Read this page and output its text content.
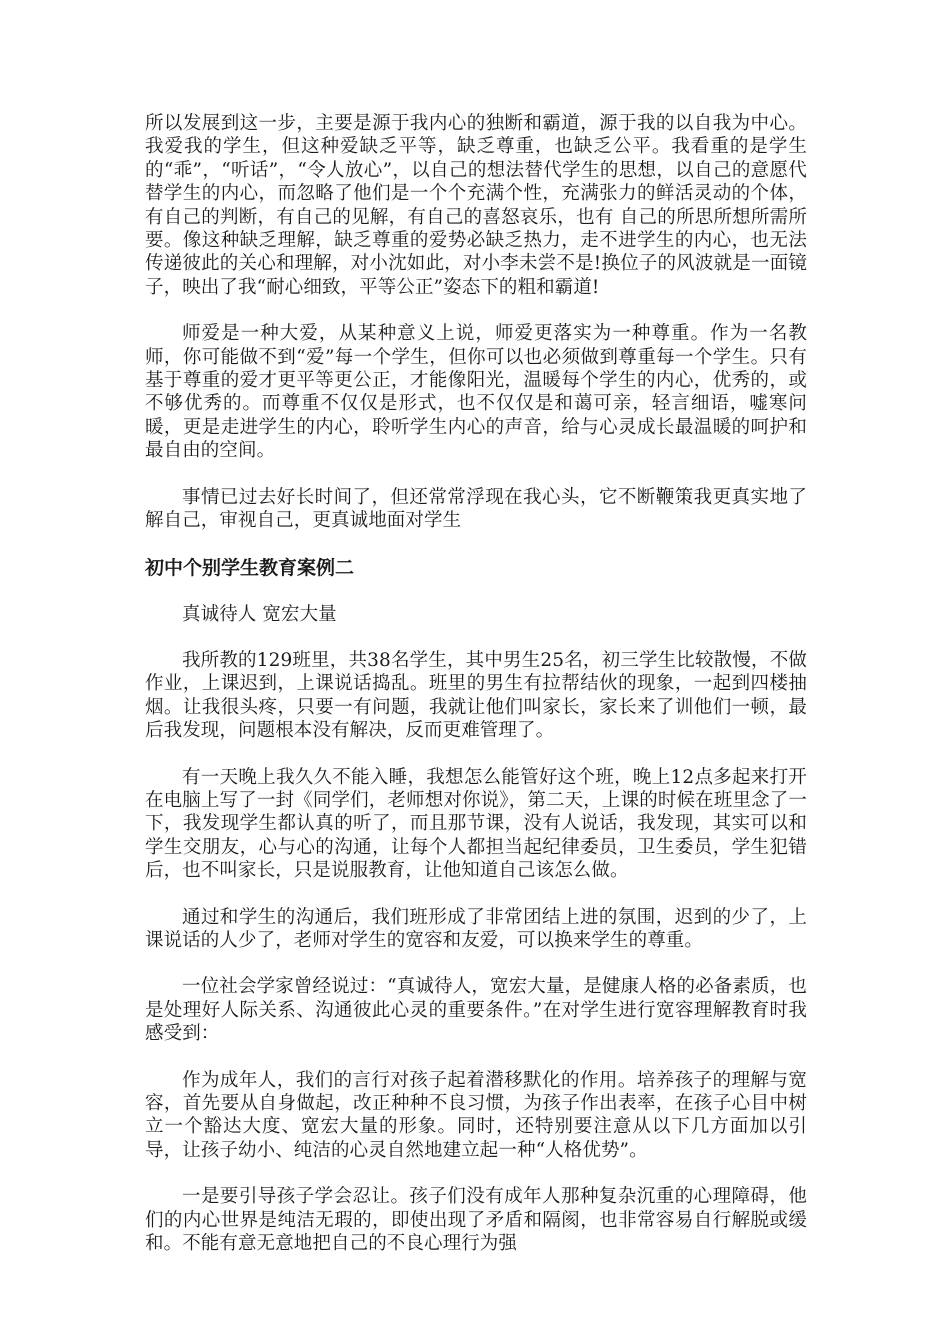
所以发展到这一步，主要是源于我内心的独断和霸道，源于我的以自我为中心。我爱我的学生，但这种爱缺乏平等，缺乏尊重，也缺乏公平。我看重的是学生的“乖”，“听话”，“令人放心”，以自己的想法替代学生的思想，以自己的意愿代替学生的内心，而忽略了他们是一个个充满个性，充满张力的鲜活灵动的个体，有自己的判断，有自己的见解，有自己的喜怒哀乐，也有 自己的所思所想所需所要。像这种缺乏理解，缺乏尊重的爱势必缺乏热力，走不进学生的内心，也无法传递彼此的关心和理解，对小沈如此，对小李未尝不是!换位子的风波就是一面镜子，映出了我“耐心细致，平等公正”姿态下的粗和霸道!

师爱是一种大爱，从某种意义上说，师爱更落实为一种尊重。作为一名教师，你可能做不到“爱”每一个学生，但你可以也必须做到尊重每一个学生。只有基于尊重的爱才更平等更公正，才能像阳光，温暖每个学生的内心，优秀的，或不够优秀的。而尊重不仅仅是形式，也不仅仅是和蔼可亲，轻言细语，嘘寒问暖，更是走进学生的内心，聆听学生内心的声音，给与心灵成长最温暖的呵护和最自由的空间。

事情已过去好长时间了，但还常常浮现在我心头，它不断鞭策我更真实地了解自己，审视自己，更真诚地面对学生

初中个别学生教育案例二

真诚待人 宽宏大量

我所教的129班里，共38名学生，其中男生25名，初三学生比较散慢，不做作业，上课迟到，上课说话捣乱。班里的男生有拉帮结伙的现象，一起到四楼抽烟。让我很头疼，只要一有问题，我就让他们叫家长，家长来了训他们一顿，最后我发现，问题根本没有解决，反而更难管理了。

有一天晚上我久久不能入睡，我想怎么能管好这个班，晚上12点多起来打开在电脑上写了一封《同学们，老师想对你说》，第二天，上课的时候在班里念了一下，我发现学生都认真的听了，而且那节课，没有人说话，我发现，其实可以和学生交朋友，心与心的沟通，让每个人都担当起纪律委员，卫生委员，学生犯错后，也不叫家长，只是说服教育，让他知道自己该怎么做。

通过和学生的沟通后，我们班形成了非常团结上进的氛围，迟到的少了，上课说话的人少了，老师对学生的宽容和友爱，可以换来学生的尊重。

一位社会学家曾经说过：“真诚待人，宽宏大量，是健康人格的必备素质，也是处理好人际关系、沟通彼此心灵的重要条件。”在对学生进行宽容理解教育时我感受到：

作为成年人，我们的言行对孩子起着潜移默化的作用。培养孩子的理解与宽容，首先要从自身做起，改正种种不良习惯，为孩子作出表率，在孩子心目中树立一个豁达大度、宽宏大量的形象。同时，还特别要注意从以下几方面加以引导，让孩子幼小、纯洁的心灵自然地建立起一种“人格优势”。

一是要引导孩子学会忍让。孩子们没有成年人那种复杂沉重的心理障碍，他们的内心世界是纯洁无瑕的，即使出现了矛盾和隔阂，也非常容易自行解脱或缓和。不能有意无意地把自己的不良心理行为强
